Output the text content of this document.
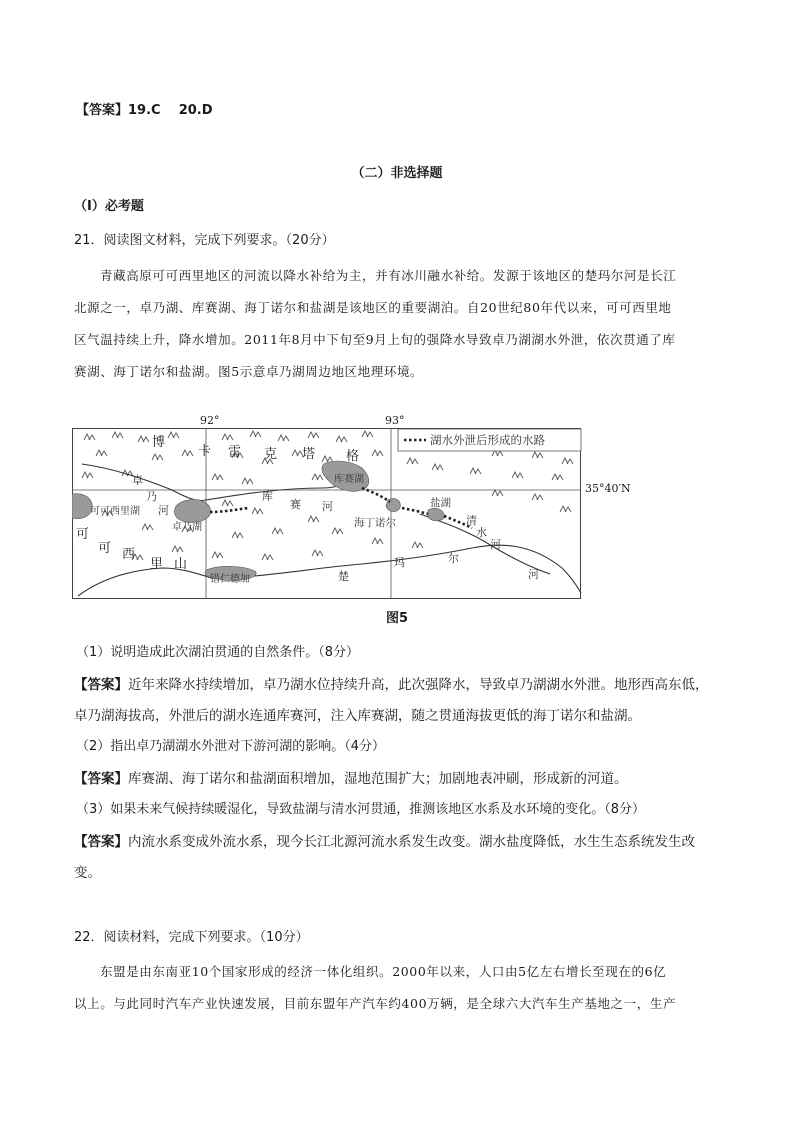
【答案】19.C    20.D
（二）非选择题
（Ⅰ）必考题
21．阅读图文材料，完成下列要求。（20分）
青藏高原可可西里地区的河流以降水补给为主，并有冰川融水补给。发源于该地区的楚玛尔河是长江
北源之一，卓乃湖、库赛湖、海丁诺尔和盐湖是该地区的重要湖泊。自20世纪80年代以来，可可西里地
区气温持续上升，降水增加。2011年8月中下旬至9月上旬的强降水导致卓乃湖湖水外泄，依次贯通了库
赛湖、海丁诺尔和盐湖。图5示意卓乃湖周边地区地理环境。
湖水外泄后形成的水路
博
卡 雷 克 塔 格
卓
乃
河
可可西里湖
卓乃湖
库
赛 河
库赛湖
盐湖
海丁诺尔	清
水
河
可
可 西
里 山
错仁德加	楚
玛	尔
河
92°	93°
35°40′N
图5
（1）说明造成此次湖泊贯通的自然条件。（8分）
【答案】近年来降水持续增加，卓乃湖水位持续升高，此次强降水，导致卓乃湖湖水外泄。地形西高东低，
卓乃湖海拔高，外泄后的湖水连通库赛河，注入库赛湖，随之贯通海拔更低的海丁诺尔和盐湖。
（2）指出卓乃湖湖水外泄对下游河湖的影响。（4分）
【答案】库赛湖、海丁诺尔和盐湖面积增加，湿地范围扩大；加剧地表冲刷，形成新的河道。
（3）如果未来气候持续暖湿化，导致盐湖与清水河贯通，推测该地区水系及水环境的变化。（8分）
【答案】内流水系变成外流水系，现今长江北源河流水系发生改变。湖水盐度降低，水生生态系统发生改
变。
22．阅读材料，完成下列要求。（10分）
东盟是由东南亚10个国家形成的经济一体化组织。2000年以来，人口由5亿左右增长至现在的6亿
以上。与此同时汽车产业快速发展，目前东盟年产汽车约400万辆，是全球六大汽车生产基地之一，生产
